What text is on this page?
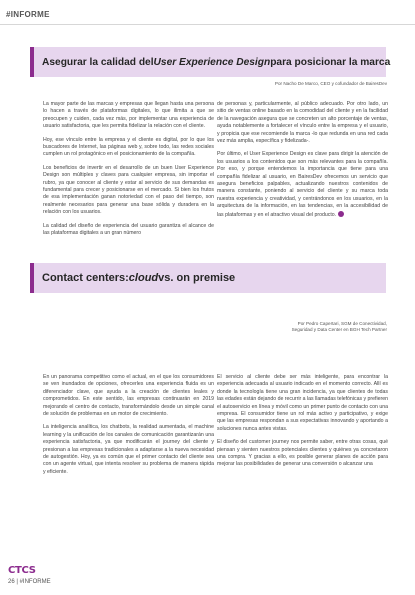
#INFORME
Asegurar la calidad del User Experience Design para posicionar la marca
Por Nacho De Marco, CEO y cofundador de BairesDev

La mayor parte de las marcas y empresas que llegan hasta una persona lo hacen a través de plataformas digitales, lo que ilimita a que se preocupen y cuiden, cada vez más, por implementar una experiencia de usuario satisfactoria, que les permita fidelizar la relación con el cliente.

Hoy, ese vínculo entre la empresa y el cliente es digital, por lo que los buscadores de Internet, las páginas web y, sobre todo, las redes sociales cumplen un rol protagónico en el posicionamiento de la compañía.

Los beneficios de invertir en el desarrollo de un buen User Experience Design son múltiples y claves para cualquier empresa, sin importar el rubro, ya que conocer al cliente y estar al servicio de sus demandas es fundamental para crecer y posicionarse en el mercado. Si bien los frutos de esa implementación ganan notoriedad con el paso del tiempo, son realmente necesarios para generar una base sólida y duradera en la relación con los usuarios.

La calidad del diseño de experiencia del usuario garantiza el alcance de las plataformas digitales a un gran número

de personas y, particularmente, al público adecuado. Por otro lado, un sitio de ventas online basado en la comodidad del cliente y en la facilidad de la navegación asegura que se concreten un alto porcentaje de ventas, ayuda notablemente a fortalecer el vínculo entre la empresa y el usuario, y propicia que ese recomiende la marca -lo que redunda en una red cada vez más amplia, específica y fidelizada-.

Por último, el User Experience Design es clave para dirigir la atención de los usuarios a los contenidos que son más relevantes para la compañía. Por eso, y porque entendemos la importancia que tiene para una compañía fidelizar al usuario, en BairesDev ofrecemos un servicio que asegura beneficios palpables, actualizando nuestros contenidos de manera constante, poniendo al servicio del cliente y su marca toda nuestra experiencia y creatividad, y centrándonos en los usuarios, en la arquitectura de la información, en las tendencias, en la accesibilidad de las plataformas y en el atractivo visual del producto.

Contact centers: cloud vs. on premise
Por Pedro Capertari, SGM de Conectividad,
Seguridad y Data Center en BGH Tech Partner

En un panorama competitivo como el actual, en el que los consumidores se ven inundados de opciones, ofrecerles una experiencia fluida es un diferenciador clave, que ayuda a la creación de clientes leales y comprometidos. En este sentido, las empresas continuarán en 2019 mejorando el centro de contacto, transformándolo desde un simple canal de solución de problemas en un motor de crecimiento.

La inteligencia analítica, los chatbots, la realidad aumentada, el machine learning y la unificación de los canales de comunicación garantizarán una experiencia satisfactoria, ya que modificarán el journey del cliente y presionan a las empresas tradicionales a adaptarse a la nueva necesidad de autogestión. Hoy, ya es común que el primer contacto del cliente sea con un agente virtual, que intenta resolver su problema de manera rápida y eficiente.

El servicio al cliente debe ser más inteligente, para encontrar la experiencia adecuada al usuario indicado en el momento correcto. Allí es donde la tecnología tiene una gran incidencia, ya que clientes de todas las edades están dejando de recurrir a las llamadas telefónicas y prefieren el autoservicio en línea y móvil como un primer punto de contacto con una empresa. El consumidor tiene un rol más activo y participativo, y exige que las empresas respondan a sus expectativas innovando y aportando a soluciones nunca antes vistas.

El diseño del customer journey nos permite saber, entre otras cosas, qué piensan y sienten nuestros potenciales clientes y quiénes ya concretaron una compra. Y gracias a ello, es posible generar planes de acción para mejorar las posibilidades de generar una conversión o alcanzar una

CTCS
26 | #INFORME
